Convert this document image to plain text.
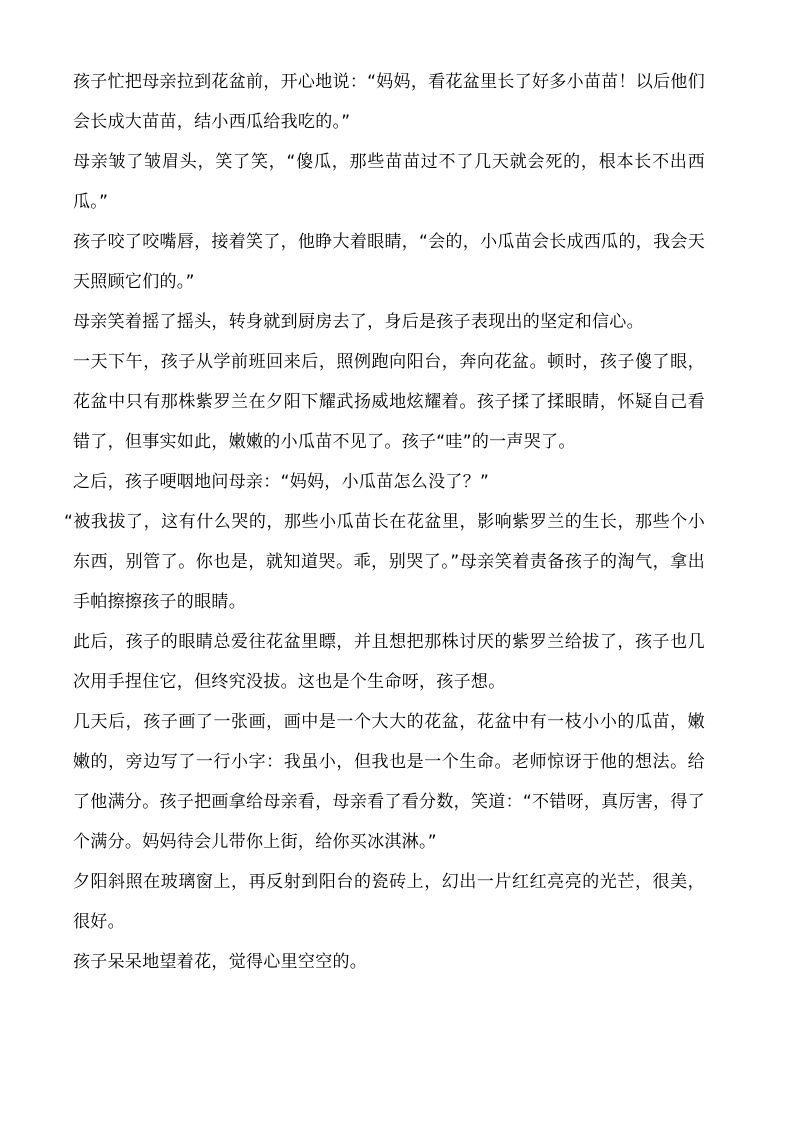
孩子忙把母亲拉到花盆前，开心地说：“妈妈，看花盆里长了好多小苗苗！以后他们会长成大苗苗，结小西瓜给我吃的。”

母亲皱了皱眉头，笑了笑，“傻瓜，那些苗苗过不了几天就会死的，根本长不出西瓜。”

孩子咬了咬嘴唇，接着笑了，他睁大着眼睛，“会的，小瓜苗会长成西瓜的，我会天天照顾它们的。”

母亲笑着摇了摇头，转身就到厨房去了，身后是孩子表现出的坚定和信心。

一天下午，孩子从学前班回来后，照例跑向阳台，奔向花盆。顿时，孩子傻了眼，花盆中只有那株紫罗兰在夕阳下耀武扬威地炫耀着。孩子揉了揉眼睛，怀疑自己看错了，但事实如此，嫩嫩的小瓜苗不见了。孩子“哇”的一声哭了。

之后，孩子哽咽地问母亲：“妈妈，小瓜苗怎么没了？”

“被我拔了，这有什么哭的，那些小瓜苗长在花盆里，影响紫罗兰的生长，那些个小东西，别管了。你也是，就知道哭。乖，别哭了。”母亲笑着责备孩子的淘气，拿出手帕擦擦孩子的眼睛。

此后，孩子的眼睛总爱往花盆里瞟，并且想把那株讨厌的紫罗兰给拔了，孩子也几次用手捏住它，但终究没拔。这也是个生命呀，孩子想。

几天后，孩子画了一张画，画中是一个大大的花盆，花盆中有一枝小小的瓜苗，嫩嫩的，旁边写了一行小字：我虽小，但我也是一个生命。老师惊讶于他的想法。给了他满分。孩子把画拿给母亲看，母亲看了看分数，笑道：“不错呀，真厉害，得了个满分。妈妈待会儿带你上街，给你买冰淇淋。”

夕阳斜照在玻璃窗上，再反射到阳台的瓷砖上，幻出一片红红亮亮的光芒，很美，很好。

孩子呆呆地望着花，觉得心里空空的。
